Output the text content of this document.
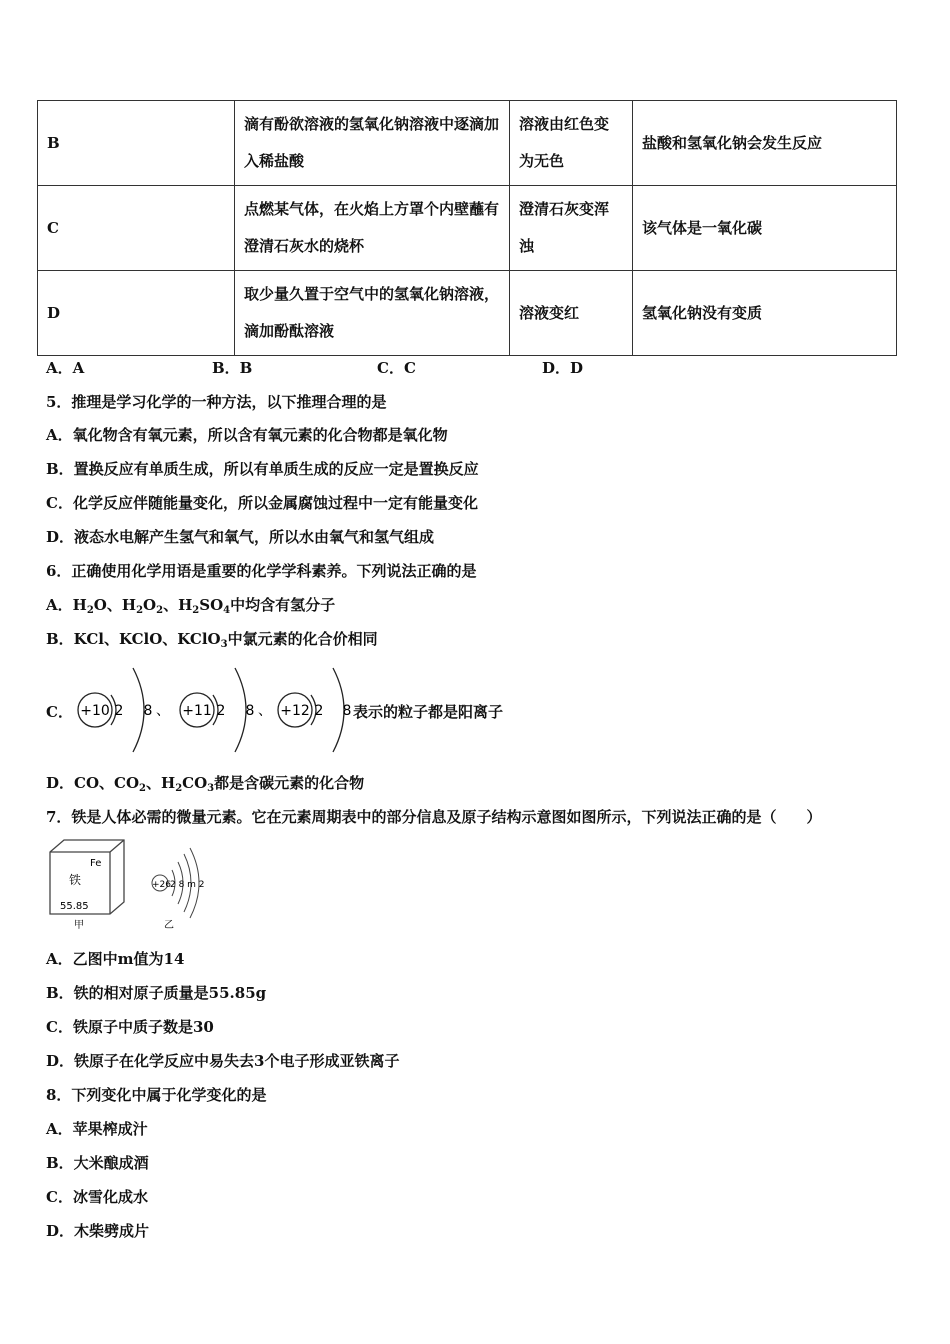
B	滴有酚欲溶液的氢氧化钠溶液中逐滴加入稀盐酸	溶液由红色变为无色	盐酸和氢氧化钠会发生反应
C	点燃某气体，在火焰上方罩个内壁蘸有澄清石灰水的烧杯	澄清石灰变浑浊	该气体是一氧化碳
D	取少量久置于空气中的氢氧化钠溶液，滴加酚酞溶液	溶液变红	氢氧化钠没有变质
A．A	B．B	C．C	D．D
5．推理是学习化学的一种方法，以下推理合理的是
A．氧化物含有氧元素，所以含有氧元素的化合物都是氧化物
B．置换反应有单质生成，所以有单质生成的反应一定是置换反应
C．化学反应伴随能量变化，所以金属腐蚀过程中一定有能量变化
D．液态水电解产生氢气和氧气，所以水由氧气和氢气组成
6．正确使用化学用语是重要的化学学科素养。下列说法正确的是
A．$H_2O$、$H_2O_2$、$H_2SO_4$中均含有氢分子
B．KCl、KClO、KClO$_3$中氯元素的化合价相同
C． +10 2 8 、 +11 2 8 、 +12 2 8 表示的粒子都是阳离子
D．CO、$CO_2$、$H_2CO_3$都是含碳元素的化合物
7．铁是人体必需的微量元素。它在元素周期表中的部分信息及原子结构示意图如图所示，下列说法正确的是（　　）
Fe
铁
55.85
甲
+26 2 8 m 2
乙
A．乙图中m值为14
B．铁的相对原子质量是55.85g
C．铁原子中质子数是30
D．铁原子在化学反应中易失去3个电子形成亚铁离子
8．下列变化中属于化学变化的是
A．苹果榨成汁
B．大米酿成酒
C．冰雪化成水
D．木柴劈成片
